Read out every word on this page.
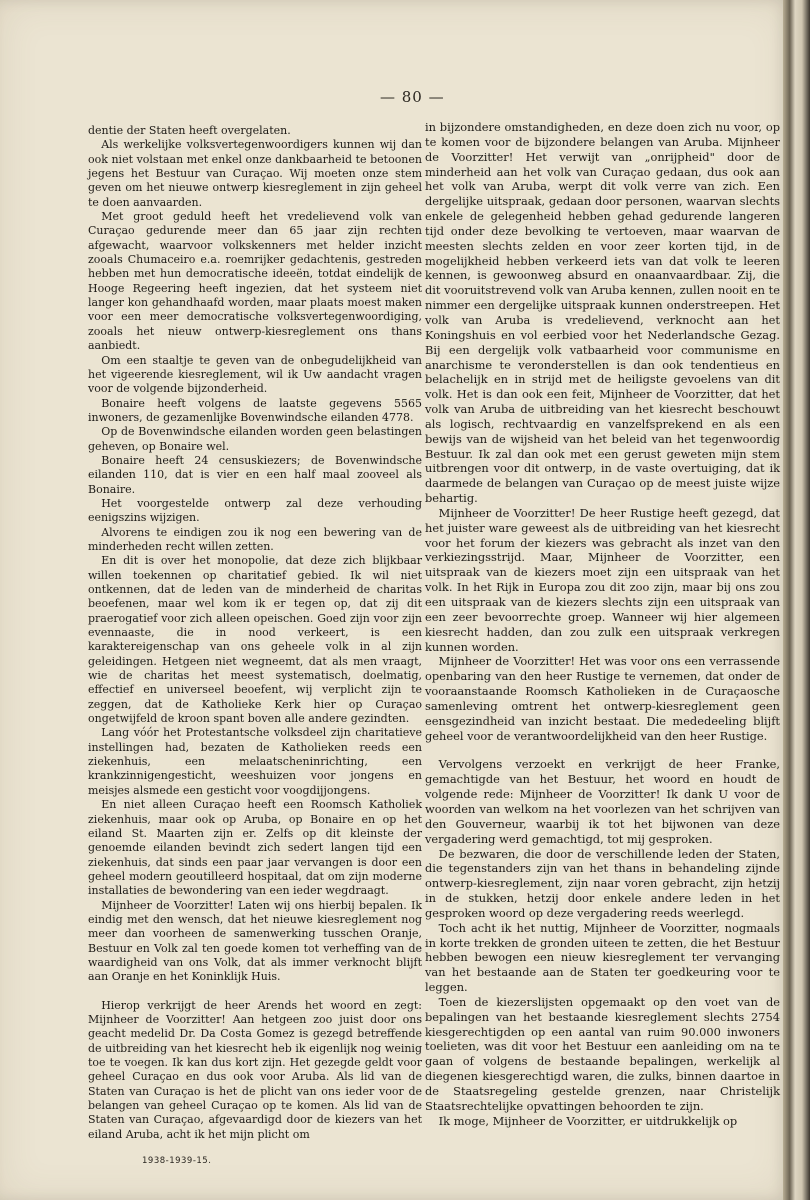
— 80 —

dentie der Staten heeft overgelaten.

Als werkelijke volksvertegenwoordigers kunnen wij dan ook niet volstaan met enkel onze dankbaarheid te betoonen jegens het Bestuur van Curaçao. Wij moeten onze stem geven om het nieuwe ontwerp kiesreglement in zijn geheel te doen aanvaarden.

Met groot geduld heeft het vredelievend volk van Curaçao gedurende meer dan 65 jaar zijn rechten afgewacht, waarvoor volkskenners met helder inzicht zooals Chumaceiro e.a. roemrijker gedachtenis, gestreden hebben met hun democratische ideeën, totdat eindelijk de Hooge Regeering heeft ingezien, dat het systeem niet langer kon gehandhaafd worden, maar plaats moest maken voor een meer democratische volksvertegenwoordiging, zooals het nieuw ontwerp-kiesreglement ons thans aanbiedt.

Om een staaltje te geven van de onbegudelijkheid van het vigeerende kiesreglement, wil ik Uw aandacht vragen voor de volgende bijzonderheid.

Bonaire heeft volgens de laatste gegevens 5565 inwoners, de gezamenlijke Bovenwindsche eilanden 4778.

Op de Bovenwindsche eilanden worden geen belastingen geheven, op Bonaire wel.

Bonaire heeft 24 censuskiezers; de Bovenwindsche eilanden 110, dat is vier en een half maal zooveel als Bonaire.

Het voorgestelde ontwerp zal deze verhouding eenigszins wijzigen.

Alvorens te eindigen zou ik nog een bewering van de minderheden recht willen zetten.

En dit is over het monopolie, dat deze zich blijkbaar willen toekennen op charitatief gebied. Ik wil niet ontkennen, dat de leden van de minderheid de charitas beoefenen, maar wel kom ik er tegen op, dat zij dit praerogatief voor zich alleen opeischen. Goed zijn voor zijn evennaaste, die in nood verkeert, is een karaktereigenschap van ons geheele volk in al zijn geleidingen. Hetgeen niet wegneemt, dat als men vraagt, wie de charitas het meest systematisch, doelmatig, effectief en universeel beoefent, wij verplicht zijn te zeggen, dat de Katholieke Kerk hier op Curaçao ongetwijfeld de kroon spant boven alle andere gezindten.

Lang vóór het Protestantsche volksdeel zijn charitatieve instellingen had, bezaten de Katholieken reeds een ziekenhuis, een melaatscheninrichting, een krankzinnigengesticht, weeshuizen voor jongens en meisjes alsmede een gesticht voor voogdijjongens.

En niet alleen Curaçao heeft een Roomsch Katholiek ziekenhuis, maar ook op Aruba, op Bonaire en op het eiland St. Maarten zijn er. Zelfs op dit kleinste der genoemde eilanden bevindt zich sedert langen tijd een ziekenhuis, dat sinds een paar jaar vervangen is door een geheel modern geoutilleerd hospitaal, dat om zijn moderne installaties de bewondering van een ieder wegdraagt.

Mijnheer de Voorzitter! Laten wij ons hierbij bepalen. Ik eindig met den wensch, dat het nieuwe kiesreglement nog meer dan voorheen de samenwerking tusschen Oranje, Bestuur en Volk zal ten goede komen tot verheffing van de waardigheid van ons Volk, dat als immer verknocht blijft aan Oranje en het Koninklijk Huis.

Hierop verkrijgt de heer Arends het woord en zegt: Mijnheer de Voorzitter! Aan hetgeen zoo juist door ons geacht medelid Dr. Da Costa Gomez is gezegd betreffende de uitbreiding van het kiesrecht heb ik eigenlijk nog weinig toe te voegen. Ik kan dus kort zijn. Het gezegde geldt voor geheel Curaçao en dus ook voor Aruba. Als lid van de Staten van Curaçao is het de plicht van ons ieder voor de belangen van geheel Curaçao op te komen. Als lid van de Staten van Curaçao, afgevaardigd door de kiezers van het eiland Aruba, acht ik het mijn plicht om

in bijzondere omstandigheden, en deze doen zich nu voor, op te komen voor de bijzondere belangen van Aruba. Mijnheer de Voorzitter! Het verwijt van „onrijpheid" door de minderheid aan het volk van Curaçao gedaan, dus ook aan het volk van Aruba, werpt dit volk verre van zich. Een dergelijke uitspraak, gedaan door personen, waarvan slechts enkele de gelegenheid hebben gehad gedurende langeren tijd onder deze bevolking te vertoeven, maar waarvan de meesten slechts zelden en voor zeer korten tijd, in de mogelijkheid hebben verkeerd iets van dat volk te leeren kennen, is gewoonweg absurd en onaanvaardbaar. Zij, die dit vooruitstrevend volk van Aruba kennen, zullen nooit en te nimmer een dergelijke uitspraak kunnen onderstreepen. Het volk van Aruba is vredelievend, verknocht aan het Koningshuis en vol eerbied voor het Nederlandsche Gezag. Bij een dergelijk volk vatbaarheid voor communisme en anarchisme te veronderstellen is dan ook tendentieus en belachelijk en in strijd met de heiligste gevoelens van dit volk. Het is dan ook een feit, Mijnheer de Voorzitter, dat het volk van Aruba de uitbreiding van het kiesrecht beschouwt als logisch, rechtvaardig en vanzelfsprekend en als een bewijs van de wijsheid van het beleid van het tegenwoordig Bestuur. Ik zal dan ook met een gerust geweten mijn stem uitbrengen voor dit ontwerp, in de vaste overtuiging, dat ik daarmede de belangen van Curaçao op de meest juiste wijze behartig.

Mijnheer de Voorzitter! De heer Rustige heeft gezegd, dat het juister ware geweest als de uitbreiding van het kiesrecht voor het forum der kiezers was gebracht als inzet van den verkiezingsstrijd. Maar, Mijnheer de Voorzitter, een uitspraak van de kiezers moet zijn een uitspraak van het volk. In het Rijk in Europa zou dit zoo zijn, maar bij ons zou een uitspraak van de kiezers slechts zijn een uitspraak van een zeer bevoorrechte groep. Wanneer wij hier algemeen kiesrecht hadden, dan zou zulk een uitspraak verkregen kunnen worden.

Mijnheer de Voorzitter! Het was voor ons een verrassende openbaring van den heer Rustige te vernemen, dat onder de vooraanstaande Roomsch Katholieken in de Curaçaosche samenleving omtrent het ontwerp-kiesreglement geen eensgezindheid van inzicht bestaat. Die mededeeling blijft geheel voor de verantwoordelijkheid van den heer Rustige.

Vervolgens verzoekt en verkrijgt de heer Franke, gemachtigde van het Bestuur, het woord en houdt de volgende rede: Mijnheer de Voorzitter! Ik dank U voor de woorden van welkom na het voorlezen van het schrijven van den Gouverneur, waarbij ik tot het bijwonen van deze vergadering werd gemachtigd, tot mij gesproken.

De bezwaren, die door de verschillende leden der Staten, die tegenstanders zijn van het thans in behandeling zijnde ontwerp-kiesreglement, zijn naar voren gebracht, zijn hetzij in de stukken, hetzij door enkele andere leden in het gesproken woord op deze vergadering reeds weerlegd.

Toch acht ik het nuttig, Mijnheer de Voorzitter, nogmaals in korte trekken de gronden uiteen te zetten, die het Bestuur hebben bewogen een nieuw kiesreglement ter vervanging van het bestaande aan de Staten ter goedkeuring voor te leggen.

Toen de kiezerslijsten opgemaakt op den voet van de bepalingen van het bestaande kiesreglement slechts 2754 kiesgerechtigden op een aantal van ruim 90.000 inwoners toelieten, was dit voor het Bestuur een aanleiding om na te gaan of volgens de bestaande bepalingen, werkelijk al diegenen kiesgerechtigd waren, die zulks, binnen daartoe in de Staatsregeling gestelde grenzen, naar Christelijk Staatsrechtelijke opvattingen behoorden te zijn.

Ik moge, Mijnheer de Voorzitter, er uitdrukkelijk op

1938-1939-15.
